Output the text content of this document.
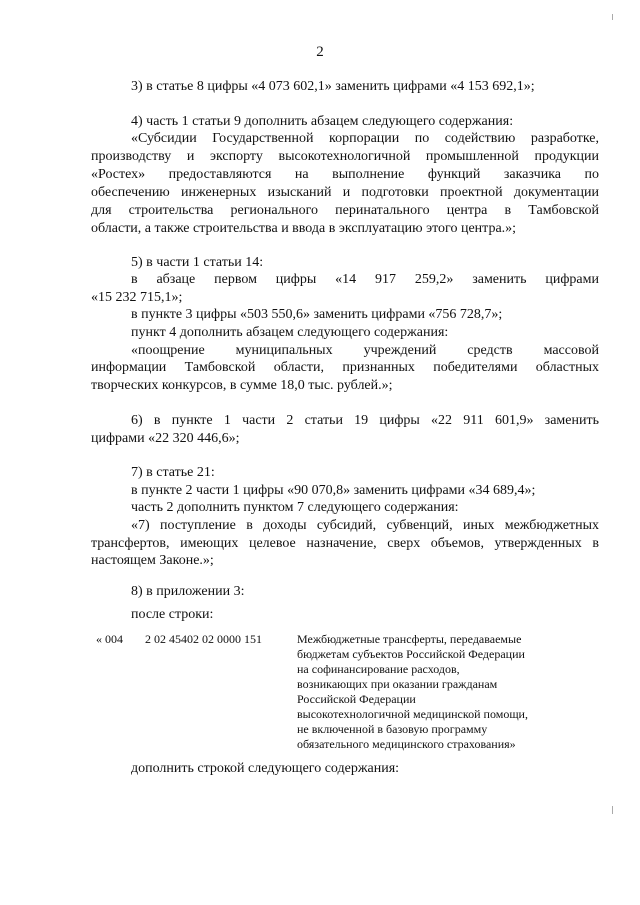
2
3) в статье 8 цифры «4 073 602,1» заменить цифрами «4 153 692,1»;
4) часть 1 статьи 9 дополнить абзацем следующего содержания:
«Субсидии Государственной корпорации по содействию разработке,
производству и экспорту высокотехнологичной промышленной продукции
«Ростех» предоставляются на выполнение функций заказчика по
обеспечению инженерных изысканий и подготовки проектной документации
для строительства регионального перинатального центра в Тамбовской
области, а также строительства и ввода в эксплуатацию этого центра.»;
5) в части 1 статьи 14:
в абзаце первом цифры «14 917 259,2» заменить цифрами
«15 232 715,1»;
в пункте 3 цифры «503 550,6» заменить цифрами «756 728,7»;
пункт 4 дополнить абзацем следующего содержания:
«поощрение муниципальных учреждений средств массовой
информации Тамбовской области, признанных победителями областных
творческих конкурсов, в сумме 18,0 тыс. рублей.»;
6) в пункте 1 части 2 статьи 19 цифры «22 911 601,9» заменить
цифрами «22 320 446,6»;
7) в статье 21:
в пункте 2 части 1 цифры «90 070,8» заменить цифрами «34 689,4»;
часть 2 дополнить пунктом 7 следующего содержания:
«7) поступление в доходы субсидий, субвенций, иных межбюджетных
трансфертов, имеющих целевое назначение, сверх объемов, утвержденных в
настоящем Законе.»;
8) в приложении 3:
после строки:
« 004 2 02 45402 02 0000 151	Межбюджетные трансферты, передаваемые
бюджетам субъектов Российской Федерации
на софинансирование расходов,
возникающих при оказании гражданам
Российской Федерации
высокотехнологичной медицинской помощи,
не включенной в базовую программу
обязательного медицинского страхования»
дополнить строкой следующего содержания:
